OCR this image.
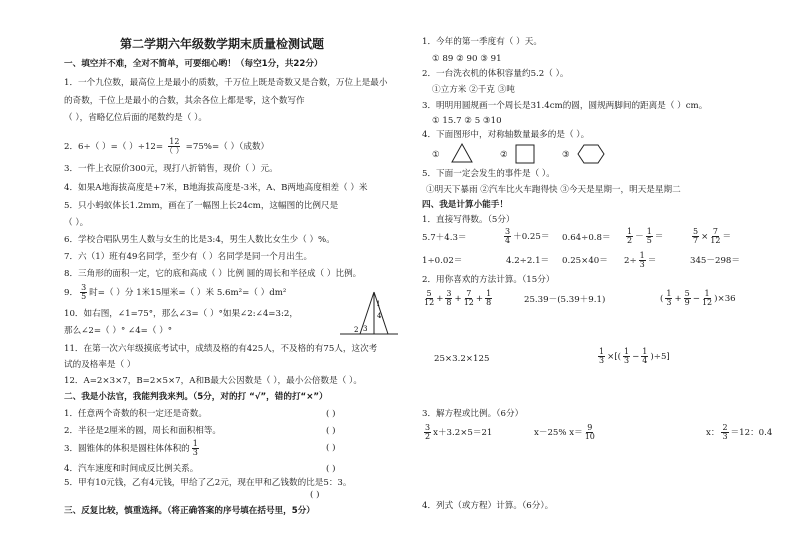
第二学期六年级数学期末质量检测试题
一、填空并不难，全对不简单，可要细心哟！（每空1分，共22分）
1．一个九位数，最高位上是最小的质数，千万位上既是奇数又是合数，万位上是最小
的奇数，千位上是最小的合数，其余各位上都是零，这个数写作
（ ），省略亿位后面的尾数约是（ ）。
2．6÷（ ）=（ ）$\div 12= \frac{12}{( )} =75\%=$（ ）（成数）
3．一件上衣原价300元，现打八折销售，现价（ ）元。
4．如果A地海拔高度是+7米，B地海拔高度是-3米，A、B两地高度相差（ ）米
5．只小蚂蚁体长1.2mm，画在了一幅图上长24cm，这幅图的比例尺是
（ ）。
6．学校合唱队男生人数与女生的比是3:4，男生人数比女生少（ ）%。
7．六（1）班有49名同学，至少有（ ）名同学是同一个月出生。
8．三角形的面积一定，它的底和高成（ ）比例 圆的周长和半径成（ ）比例。
9． $\frac{3}{5}$ 时=（ ）分 1米15厘米=（ ）米 5.6m²=（ ）dm²
10．如右图，∠1=75°，那么∠3=（ ）°如果∠2:∠4=3:2，
那么∠2=（ ）° ∠4=（ ）°
1
4
2 3
11．在第一次六年级摸底考试中，成绩及格的有425人，不及格的有75人，这次考
试的及格率是（ ）
12．A=2×3×7，B=2×5×7，A和B最大公因数是（ ），最小公倍数是（ ）。
二、我是小法官，我能判我来判。（5分，对的打 “√”，错的打“×”）
1．任意两个奇数的积一定还是奇数。	( )
2．半径是2厘米的圆，周长和面积相等。	( )
3．圆锥体的体积是圆柱体体积的 $\frac{1}{3}$	( )
4．汽车速度和时间成反比例关系。	( )
5．甲有10元钱，乙有4元钱，甲给了乙2元，现在甲和乙钱数的比是5：3。
( )
三、反复比较，慎重选择。（将正确答案的序号填在括号里，5分）
1．今年的第一季度有（ ）天。
① 89 ② 90 ③ 91
2．一台洗衣机的体积容量约5.2（ ）。
①立方米 ②千克 ③吨
3．明明用圆规画一个周长是31.4cm的圆，圆规两脚间的距离是（ ）cm。
① 15.7 ② 5 ③10
4．下面图形中，对称轴数量最多的是（ ）。
①	②	③
5．下面一定会发生的事件是（ ）。
①明天下暴雨 ②汽车比火车跑得快 ③今天是星期一，明天是星期二
四、我是计算小能手！
1．直接写得数。（5分）
5.7＋4.3＝	$\frac{3}{4} +0.25= 0.64\div 0.8= \frac{1}{2} - \frac{1}{5}$ ＝	$\frac{5}{7} \times \frac{7}{12}$ ＝
1÷0.02＝	$4.2\div 2.1= 0.25\times 40= 2\div \frac{1}{3}$ ＝	345－298＝
2．用你喜欢的方法计算。（15分）
$\frac{5}{12} + \frac{3}{8} + \frac{7}{12} + \frac{1}{8}$	25.39－(5.39＋9.1)	( $\frac{1}{3} + \frac{5}{9} - \frac{1}{12} )\times 36$
25×3.2×125	$\frac{1}{3}$ ×[( $\frac{1}{3} - \frac{1}{4} )\div 5$]
3．解方程或比例。（6分）
$\frac{3}{2} x+3.2\times 5=21$	x－25% $x= \frac{9}{10}$	x： $\frac{2}{3} =12$：0.4
4．列式（或方程）计算。（6分）。
